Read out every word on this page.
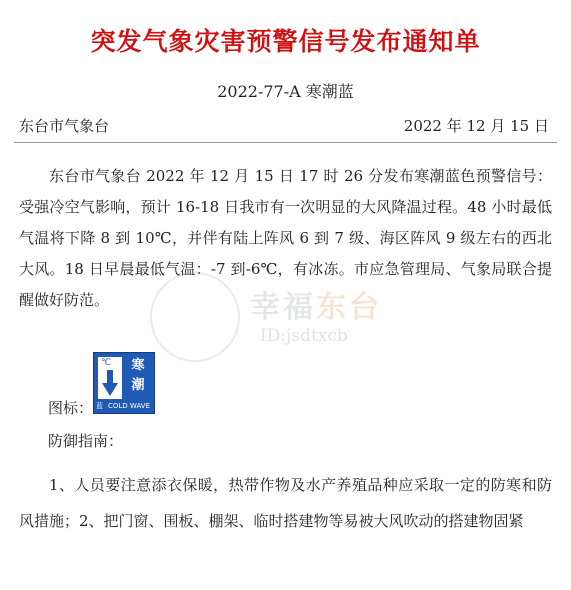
突发气象灾害预警信号发布通知单
2022-77-A 寒潮蓝
东台市气象台	2022 年 12 月 15 日
东台市气象台 2022 年 12 月 15 日 17 时 26 分发布寒潮蓝色预警信号：受强冷空气影响，预计 16-18 日我市有一次明显的大风降温过程。48 小时最低气温将下降 8 到 10℃，并伴有陆上阵风 6 到 7 级、海区阵风 9 级左右的西北大风。18 日早晨最低气温：-7 到-6℃，有冰冻。市应急管理局、气象局联合提醒做好防范。	幸福东台
ID:jsdtxcb
℃	寒
潮
蓝 COLD WAVE
图标：
防御指南：
1、人员要注意添衣保暖，热带作物及水产养殖品种应采取一定的防寒和防风措施；2、把门窗、围板、棚架、临时搭建物等易被大风吹动的搭建物固紧
